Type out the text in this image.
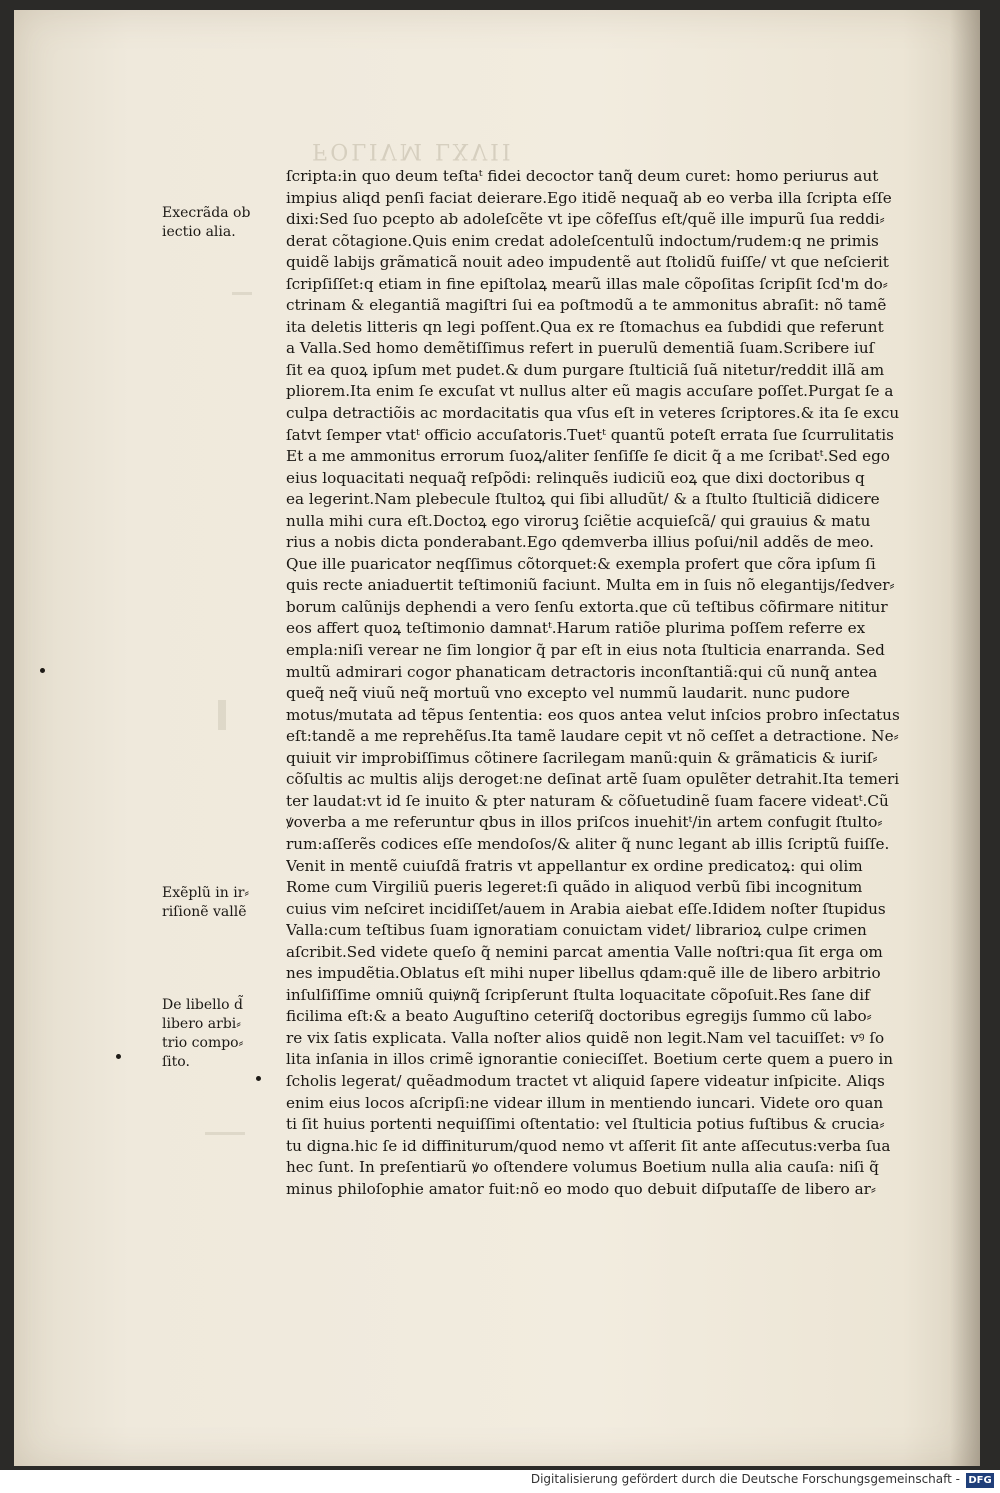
FOLIVM LXVII
Execrãda ob
iectio alia.
Exẽplũ in ir⸗
riſionẽ vallẽ
De libello d̃
libero arbi⸗
trio compo⸗
ſito.
ſcripta:in quo deum teſtaᵗ fidei decoctor tanq̃ deum curet: homo periurus aut
impius aliqd penſi faciat deierare.Ego itidẽ nequaq̃ ab eo verba illa ſcripta eſſe
dixi:Sed ſuo pcepto ab adoleſcẽte vt ipe cõfeſſus eſt/quẽ ille impurũ ſua reddi⸗
derat cõtagione.Quis enim credat adoleſcentulũ indoctum/rudem:q ne primis
quidẽ labijs grãmaticã nouit adeo impudentẽ aut ſtolidũ fuiſſe/ vt que neſcierit
ſcripſiſſet:q etiam in fine epiſtolaꝝ mearũ illas male cõpoſitas ſcripſit ſcd'm do⸗
ctrinam & elegantiã magiſtri ſui ea poſtmodũ a te ammonitus abraſit: nõ tamẽ
ita deletis litteris qn legi poſſent.Qua ex re ſtomachus ea ſubdidi que referunt
a Valla.Sed homo demẽtiſſimus refert in puerulũ dementiã ſuam.Scribere iuſ
ſit ea quoꝝ ipſum met pudet.& dum purgare ſtulticiã ſuã nitetur/reddit illã am
pliorem.Ita enim ſe excuſat vt nullus alter eũ magis accuſare poſſet.Purgat ſe a
culpa detractiõis ac mordacitatis qua vſus eſt in veteres ſcriptores.& ita ſe excu
ſatvt ſemper vtatᵗ officio accuſatoris.Tuetᵗ quantũ poteſt errata ſue ſcurrulitatis
Et a me ammonitus errorum ſuoꝝ/aliter ſenſiſſe ſe dicit q̃ a me ſcribatᵗ.Sed ego
eius loquacitati nequaq̃ reſpõdi: relinquẽs iudiciũ eoꝝ que dixi doctoribus q
ea legerint.Nam plebecule ſtultoꝝ qui ſibi alludũt/ & a ſtulto ſtulticiã didicere
nulla mihi cura eſt.Doctoꝝ ego viroruꝫ ſciẽtie acquieſcã/ qui grauius & matu
rius a nobis dicta ponderabant.Ego qdemverba illius poſui/nil addẽs de meo.
Que ille puaricator neqſſimus cõtorquet:& exempla profert que cõra ipſum ſi
quis recte aniaduertit teſtimoniũ faciunt. Multa em in ſuis nõ elegantijs/ſedver⸗
borum calũnijs dephendi a vero ſenſu extorta.que cũ teſtibus cõfirmare nititur
eos affert quoꝝ teſtimonio damnatᵗ.Harum ratiõe plurima poſſem referre ex
empla:niſi verear ne ſim longior q̃ par eſt in eius nota ſtulticia enarranda. Sed
multũ admirari cogor phanaticam detractoris inconſtantiã:qui cũ nunq̃ antea
queq̃ neq̃ viuũ neq̃ mortuũ vno excepto vel nummũ laudarit. nunc pudore
motus/mutata ad tẽpus ſententia: eos quos antea velut inſcios probro inſectatus
eſt:tandẽ a me reprehẽſus.Ita tamẽ laudare cepit vt nõ ceſſet a detractione. Ne⸗
quiuit vir improbiſſimus cõtinere ſacrilegam manũ:quin & grãmaticis & iuriſ⸗
cõſultis ac multis alijs derogetːne deſinat artẽ ſuam opulẽter detrahit.Ita temeri
ter laudat:vt id ſe inuito & pter naturam & cõſuetudinẽ ſuam facere videatᵗ.Cũ
ꝟoverba a me referuntur qbus in illos priſcos inuehitᵗ/in artem confugit ſtulto⸗
rum:aſſerẽs codices eſſe mendoſos/& aliter q̃ nunc legant ab illis ſcriptũ fuiſſe.
Venit in mentẽ cuiuſdã fratris vt appellantur ex ordine predicatoꝝ: qui olim
Rome cum Virgiliũ pueris legeret:ſi quãdo in aliquod verbũ ſibi incognitum
cuius vim neſciret incidiſſet/auem in Arabia aiebat eſſe.Ididem noſter ſtupidus
Valla:cum teſtibus ſuam ignoratiam conuictam videt/ librarioꝝ culpe crimen
aſcribit.Sed videte queſo q̃ nemini parcat amentia Valle noſtri:qua ſit erga om
nes impudẽtia.Oblatus eſt mihi nuper libellus qdam:quẽ ille de libero arbitrio
inſulſiſſime omniũ quiꝟnq̃ ſcripſerunt ſtulta loquacitate cõpoſuit.Res ſane dif
ficilima eſt:& a beato Auguſtino ceteriſq̃ doctoribus egregijs ſummo cũ labo⸗
re vix ſatis explicata. Valla noſter alios quidẽ non legit.Nam vel tacuiſſet: vꝰ ſo
lita inſania in illos crimẽ ignorantie conieciſſet. Boetium certe quem a puero in
ſcholis legerat/ quẽadmodum tractet vt aliquid ſapere videatur inſpicite. Aliqs
enim eius locos aſcripſi:ne videar illum in mentiendo iuncari. Videte oro quan
ti ſit huius portenti nequiſſimi oſtentatio: vel ſtulticia potius fuſtibus & crucia⸗
tu digna.hic ſe id diffiniturum/quod nemo vt aſſerit ſit ante aſſecutus:verba ſua
hec ſunt. In preſentiarũ ꝟo oſtendere volumus Boetium nulla alia cauſa: niſi q̃
minus philoſophie amator fuit:nõ eo modo quo debuit diſputaſſe de libero ar⸗
Digitalisierung gefördert durch die Deutsche Forschungsgemeinschaft - DFG
